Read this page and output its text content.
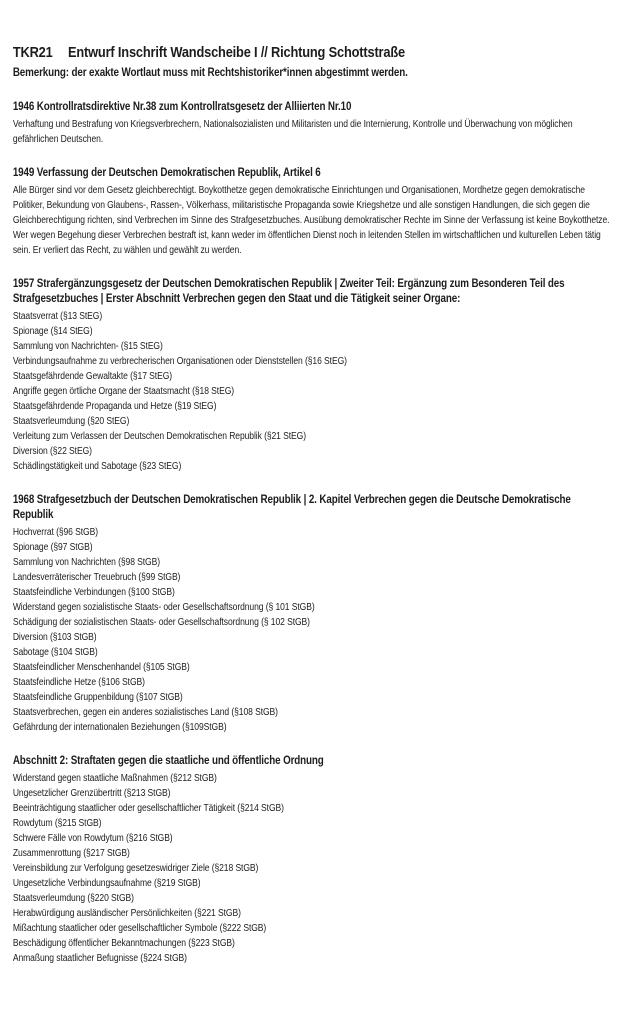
TKR21 Entwurf Inschrift Wandscheibe I // Richtung Schottstraße
Bemerkung: der exakte Wortlaut muss mit Rechtshistoriker*innen abgestimmt werden.
1946 Kontrollratsdirektive Nr.38 zum Kontrollratsgesetz der Alliierten Nr.10

Verhaftung und Bestrafung von Kriegsverbrechern, Nationalsozialisten und Militaristen und die Internierung, Kontrolle und Überwachung von möglichen gefährlichen Deutschen.

1949 Verfassung der Deutschen Demokratischen Republik, Artikel 6

Alle Bürger sind vor dem Gesetz gleichberechtigt. Boykotthetze gegen demokratische Einrichtungen und Organisationen, Mordhetze gegen demokratische Politiker, Bekundung von Glaubens-, Rassen-, Völkerhass, militaristische Propaganda sowie Kriegshetze und alle sonstigen Handlungen, die sich gegen die Gleichberechtigung richten, sind Verbrechen im Sinne des Strafgesetzbuches. Ausübung demokratischer Rechte im Sinne der Verfassung ist keine Boykotthetze.

Wer wegen Begehung dieser Verbrechen bestraft ist, kann weder im öffentlichen Dienst noch in leitenden Stellen im wirtschaftlichen und kulturellen Leben tätig sein. Er verliert das Recht, zu wählen und gewählt zu werden.

1957 Strafergänzungsgesetz der Deutschen Demokratischen Republik | Zweiter Teil: Ergänzung zum Besonderen Teil des Strafgesetzbuches | Erster Abschnitt Verbrechen gegen den Staat und die Tätigkeit seiner Organe:
Staatsverrat (§13 StEG)
Spionage (§14 StEG)
Sammlung von Nachrichten- (§15 StEG)
Verbindungsaufnahme zu verbrecherischen Organisationen oder Dienststellen (§16 StEG)
Staatsgefährdende Gewaltakte (§17 StEG)
Angriffe gegen örtliche Organe der Staatsmacht (§18 StEG)
Staatsgefährdende Propaganda und Hetze (§19 StEG)
Staatsverleumdung (§20 StEG)
Verleitung zum Verlassen der Deutschen Demokratischen Republik (§21 StEG)
Diversion (§22 StEG)
Schädlingstätigkeit und Sabotage (§23 StEG)
1968 Strafgesetzbuch der Deutschen Demokratischen Republik | 2. Kapitel Verbrechen gegen die Deutsche Demokratische Republik
Hochverrat (§96 StGB)
Spionage (§97 StGB)
Sammlung von Nachrichten (§98 StGB)
Landesverräterischer Treuebruch (§99 StGB)
Staatsfeindliche Verbindungen (§100 StGB)
Widerstand gegen sozialistische Staats- oder Gesellschaftsordnung (§ 101 StGB)
Schädigung der sozialistischen Staats- oder Gesellschaftsordnung (§ 102 StGB)
Diversion (§103 StGB)
Sabotage (§104 StGB)
Staatsfeindlicher Menschenhandel (§105 StGB)
Staatsfeindliche Hetze (§106 StGB)
Staatsfeindliche Gruppenbildung (§107 StGB)
Staatsverbrechen, gegen ein anderes sozialistisches Land (§108 StGB)
Gefährdung der internationalen Beziehungen (§109StGB)
Abschnitt 2: Straftaten gegen die staatliche und öffentliche Ordnung
Widerstand gegen staatliche Maßnahmen (§212 StGB)
Ungesetzlicher Grenzübertritt (§213 StGB)
Beeinträchtigung staatlicher oder gesellschaftlicher Tätigkeit (§214 StGB)
Rowdytum (§215 StGB)
Schwere Fälle von Rowdytum (§216 StGB)
Zusammenrottung (§217 StGB)
Vereinsbildung zur Verfolgung gesetzeswidriger Ziele (§218 StGB)
Ungesetzliche Verbindungsaufnahme (§219 StGB)
Staatsverleumdung (§220 StGB)
Herabwürdigung ausländischer Persönlichkeiten (§221 StGB)
Mißachtung staatlicher oder gesellschaftlicher Symbole (§222 StGB)
Beschädigung öffentlicher Bekanntmachungen (§223 StGB)
Anmaßung staatlicher Befugnisse (§224 StGB)
